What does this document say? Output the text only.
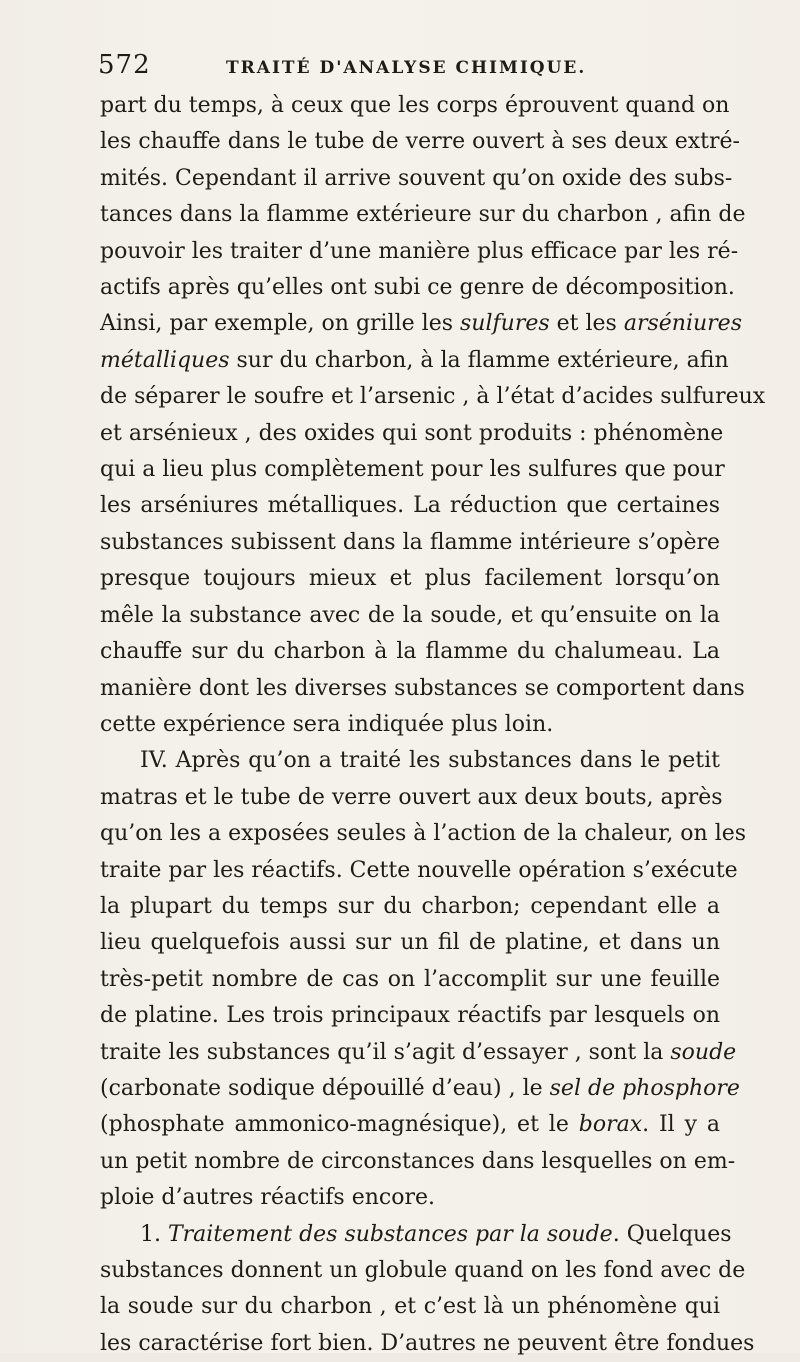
572	TRAITÉ D'ANALYSE CHIMIQUE.
part du temps, à ceux que les corps éprouvent quand on
les chauffe dans le tube de verre ouvert à ses deux extré-
mités. Cependant il arrive souvent qu’on oxide des subs-
tances dans la flamme extérieure sur du charbon , afin de
pouvoir les traiter d’une manière plus efficace par les ré-
actifs après qu’elles ont subi ce genre de décomposition.
Ainsi, par exemple, on grille les sulfures et les arséniures
métalliques sur du charbon, à la flamme extérieure, afin
de séparer le soufre et l’arsenic , à l’état d’acides sulfureux
et arsénieux , des oxides qui sont produits : phénomène
qui a lieu plus complètement pour les sulfures que pour
les arséniures métalliques. La réduction que certaines
substances subissent dans la flamme intérieure s’opère
presque toujours mieux et plus facilement lorsqu’on
mêle la substance avec de la soude, et qu’ensuite on la
chauffe sur du charbon à la flamme du chalumeau. La
manière dont les diverses substances se comportent dans
cette expérience sera indiquée plus loin.
IV. Après qu’on a traité les substances dans le petit
matras et le tube de verre ouvert aux deux bouts, après
qu’on les a exposées seules à l’action de la chaleur, on les
traite par les réactifs. Cette nouvelle opération s’exécute
la plupart du temps sur du charbon; cependant elle a
lieu quelquefois aussi sur un fil de platine, et dans un
très-petit nombre de cas on l’accomplit sur une feuille
de platine. Les trois principaux réactifs par lesquels on
traite les substances qu’il s’agit d’essayer , sont la soude
(carbonate sodique dépouillé d’eau) , le sel de phosphore
(phosphate ammonico-magnésique), et le borax. Il y a
un petit nombre de circonstances dans lesquelles on em-
ploie d’autres réactifs encore.
1. Traitement des substances par la soude. Quelques
substances donnent un globule quand on les fond avec de
la soude sur du charbon , et c’est là un phénomène qui
les caractérise fort bien. D’autres ne peuvent être fondues
